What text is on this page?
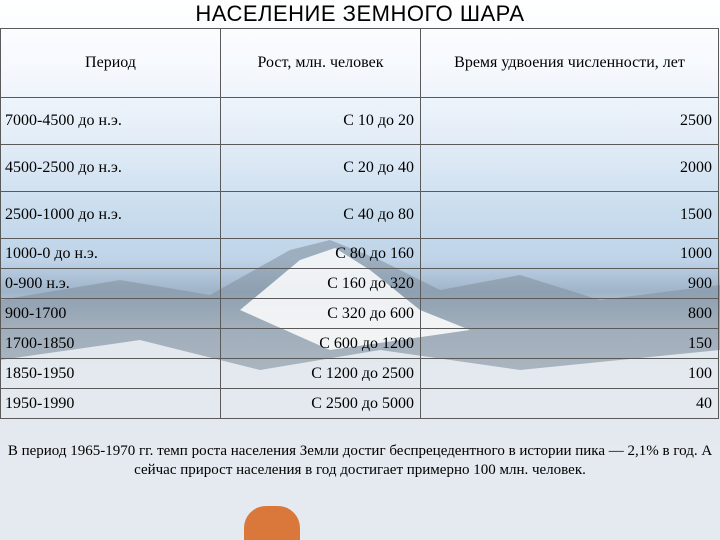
НАСЕЛЕНИЕ ЗЕМНОГО ШАРА
Период	Рост, млн. человек	Время удвоения численности, лет
7000-4500 до н.э.	С 10 до 20	2500
4500-2500 до н.э.	С 20 до 40	2000
2500-1000 до н.э.	С 40 до 80	1500
1000-0 до н.э.	С 80 до 160	1000
0-900 н.э.	С 160 до 320	900
900-1700	С 320 до 600	800
1700-1850	С 600 до 1200	150
1850-1950	С 1200 до 2500	100
1950-1990	С 2500 до 5000	40
В период 1965-1970 гг. темп роста населения Земли достиг беспрецедентного в истории пика — 2,1% в год. А сейчас прирост населения в год достигает примерно 100 млн. человек.
